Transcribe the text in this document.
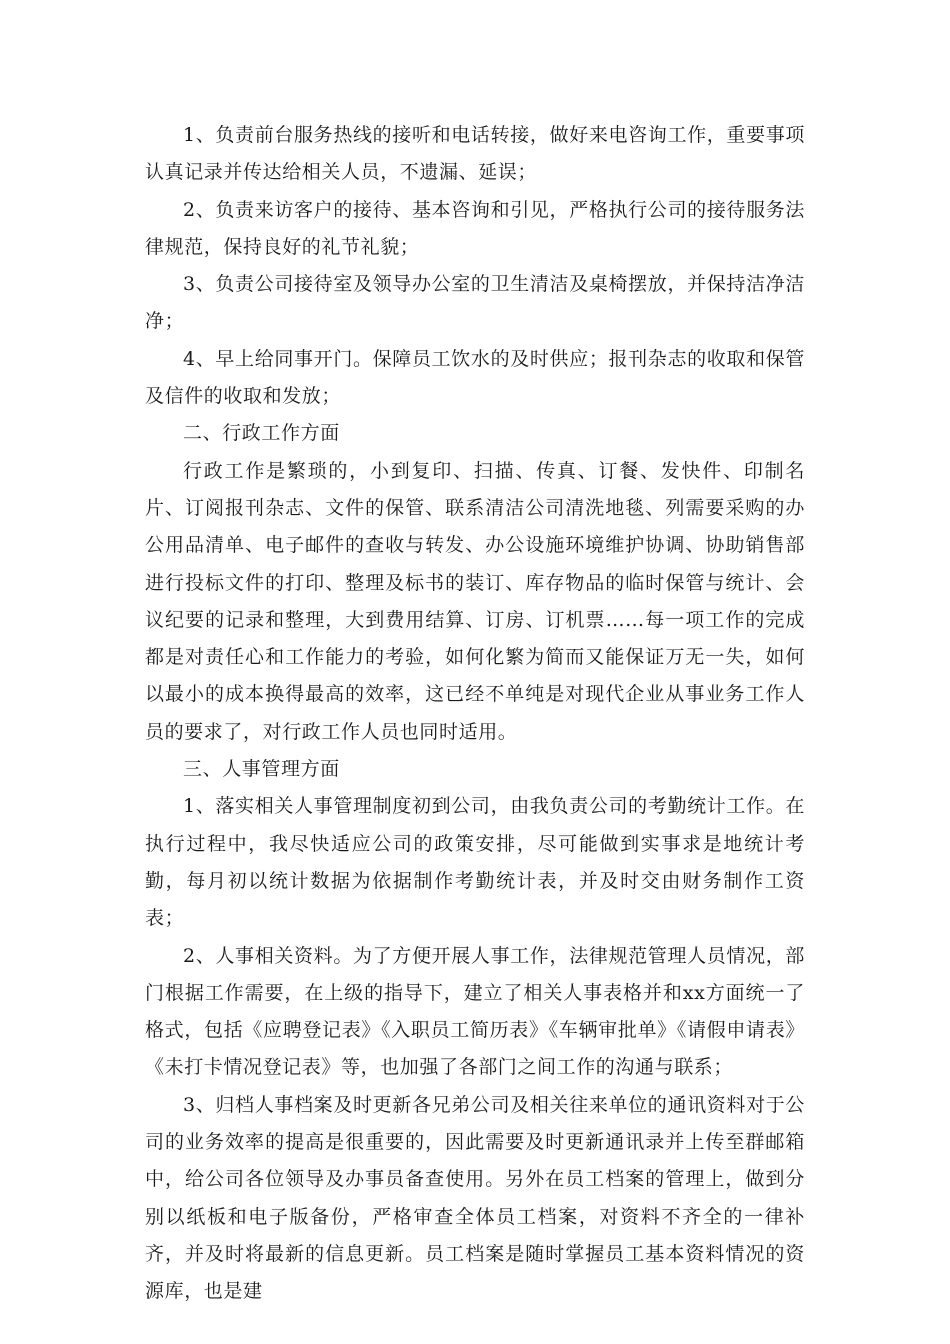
1、负责前台服务热线的接听和电话转接，做好来电咨询工作，重要事项认真记录并传达给相关人员，不遗漏、延误；

2、负责来访客户的接待、基本咨询和引见，严格执行公司的接待服务法律规范，保持良好的礼节礼貌；

3、负责公司接待室及领导办公室的卫生清洁及桌椅摆放，并保持洁净洁净；

4、早上给同事开门。保障员工饮水的及时供应；报刊杂志的收取和保管及信件的收取和发放；

二、行政工作方面

行政工作是繁琐的，小到复印、扫描、传真、订餐、发快件、印制名片、订阅报刊杂志、文件的保管、联系清洁公司清洗地毯、列需要采购的办公用品清单、电子邮件的查收与转发、办公设施环境维护协调、协助销售部进行投标文件的打印、整理及标书的装订、库存物品的临时保管与统计、会议纪要的记录和整理，大到费用结算、订房、订机票……每一项工作的完成都是对责任心和工作能力的考验，如何化繁为简而又能保证万无一失，如何以最小的成本换得最高的效率，这已经不单纯是对现代企业从事业务工作人员的要求了，对行政工作人员也同时适用。

三、人事管理方面

1、落实相关人事管理制度初到公司，由我负责公司的考勤统计工作。在执行过程中，我尽快适应公司的政策安排，尽可能做到实事求是地统计考勤，每月初以统计数据为依据制作考勤统计表，并及时交由财务制作工资表；

2、人事相关资料。为了方便开展人事工作，法律规范管理人员情况，部门根据工作需要，在上级的指导下，建立了相关人事表格并和xx方面统一了格式，包括《应聘登记表》《入职员工简历表》《车辆审批单》《请假申请表》《未打卡情况登记表》等，也加强了各部门之间工作的沟通与联系；

3、归档人事档案及时更新各兄弟公司及相关往来单位的通讯资料对于公司的业务效率的提高是很重要的，因此需要及时更新通讯录并上传至群邮箱中，给公司各位领导及办事员备查使用。另外在员工档案的管理上，做到分别以纸板和电子版备份，严格审查全体员工档案，对资料不齐全的一律补齐，并及时将最新的信息更新。员工档案是随时掌握员工基本资料情况的资源库，也是建
